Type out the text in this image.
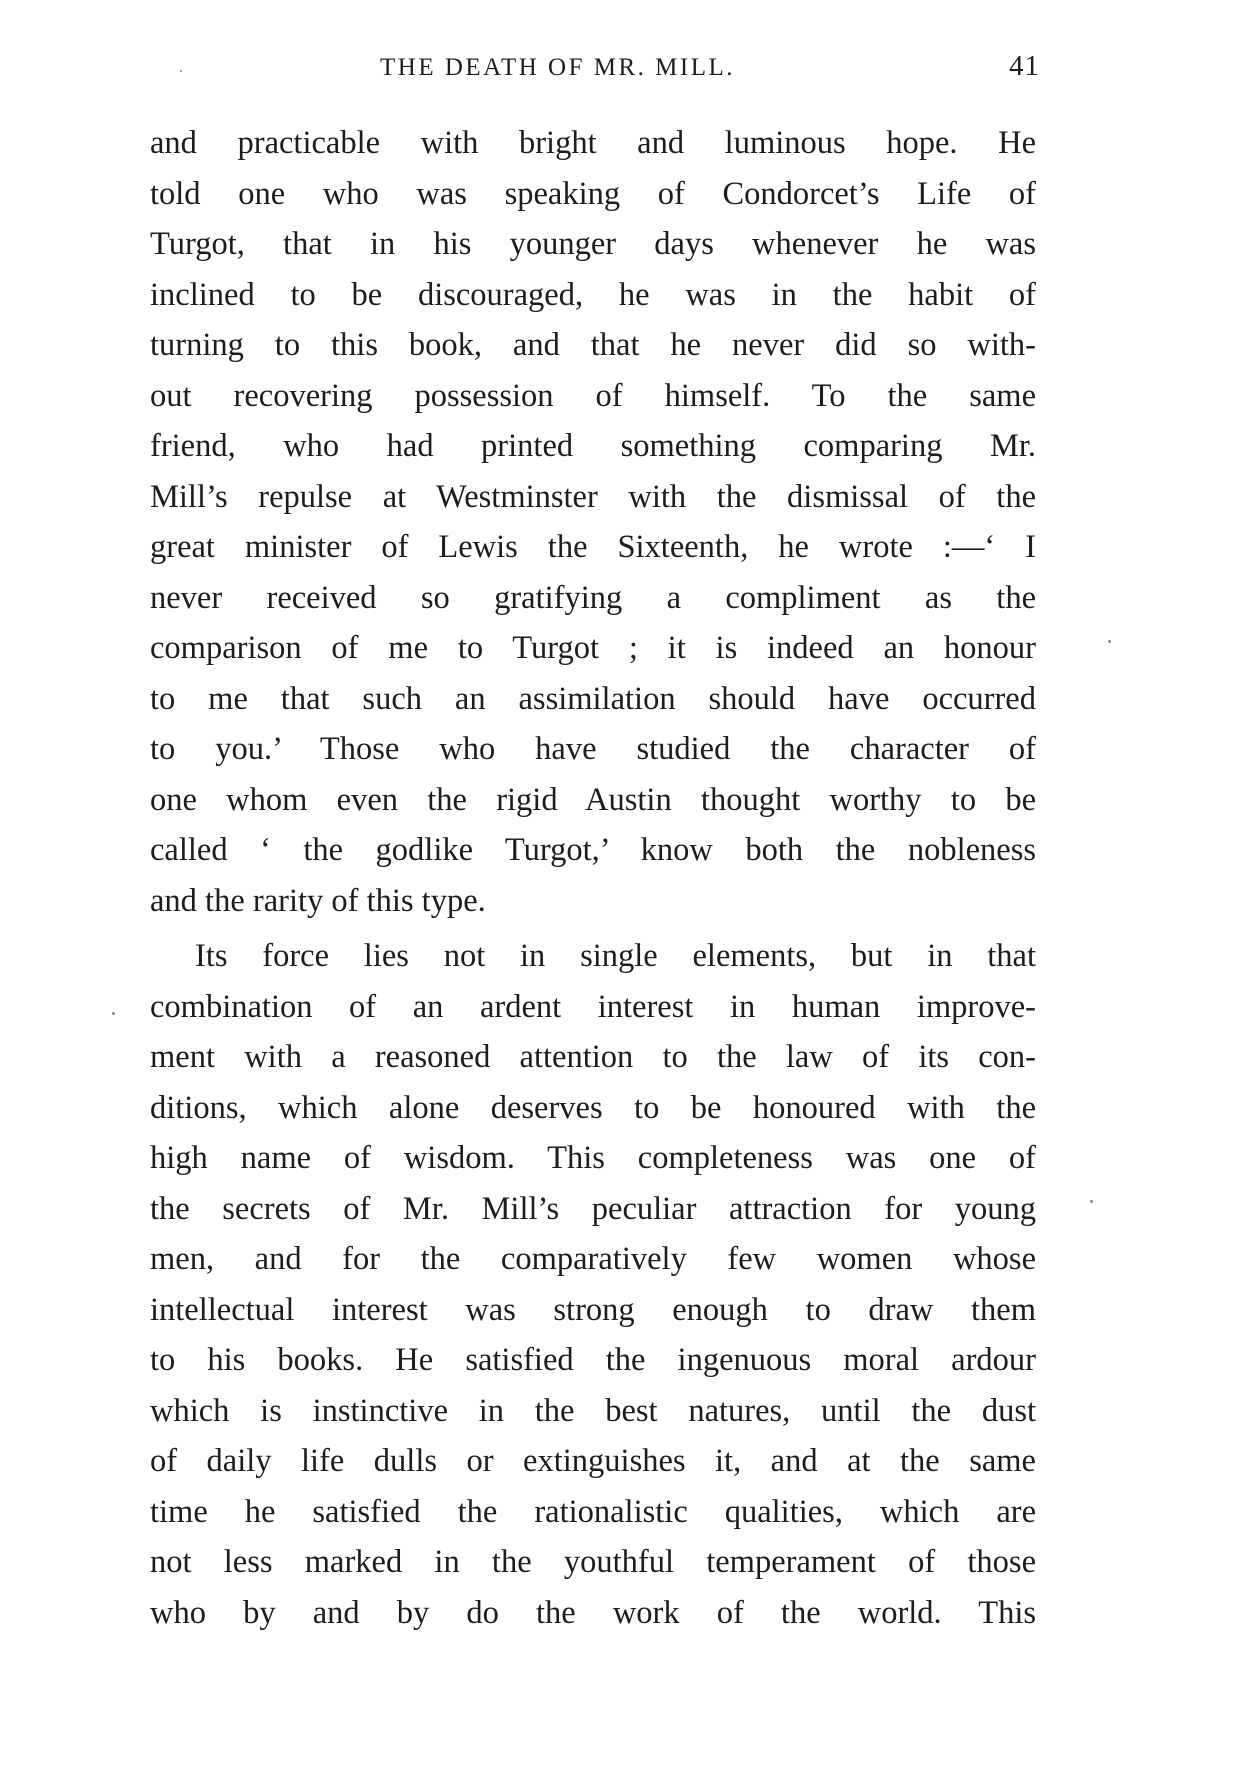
THE DEATH OF MR. MILL.	41
and practicable with bright and luminous hope. He
told one who was speaking of Condorcet’s Life of
Turgot, that in his younger days whenever he was
inclined to be discouraged, he was in the habit of
turning to this book, and that he never did so with-
out recovering possession of himself. To the same
friend, who had printed something comparing Mr.
Mill’s repulse at Westminster with the dismissal of the
great minister of Lewis the Sixteenth, he wrote :—‘ I
never received so gratifying a compliment as the
comparison of me to Turgot ; it is indeed an honour
to me that such an assimilation should have occurred
to you.’ Those who have studied the character of
one whom even the rigid Austin thought worthy to be
called ‘ the godlike Turgot,’ know both the nobleness
and the rarity of this type.
Its force lies not in single elements, but in that
combination of an ardent interest in human improve-
ment with a reasoned attention to the law of its con-
ditions, which alone deserves to be honoured with the
high name of wisdom. This completeness was one of
the secrets of Mr. Mill’s peculiar attraction for young
men, and for the comparatively few women whose
intellectual interest was strong enough to draw them
to his books. He satisfied the ingenuous moral ardour
which is instinctive in the best natures, until the dust
of daily life dulls or extinguishes it, and at the same
time he satisfied the rationalistic qualities, which are
not less marked in the youthful temperament of those
who by and by do the work of the world. This
